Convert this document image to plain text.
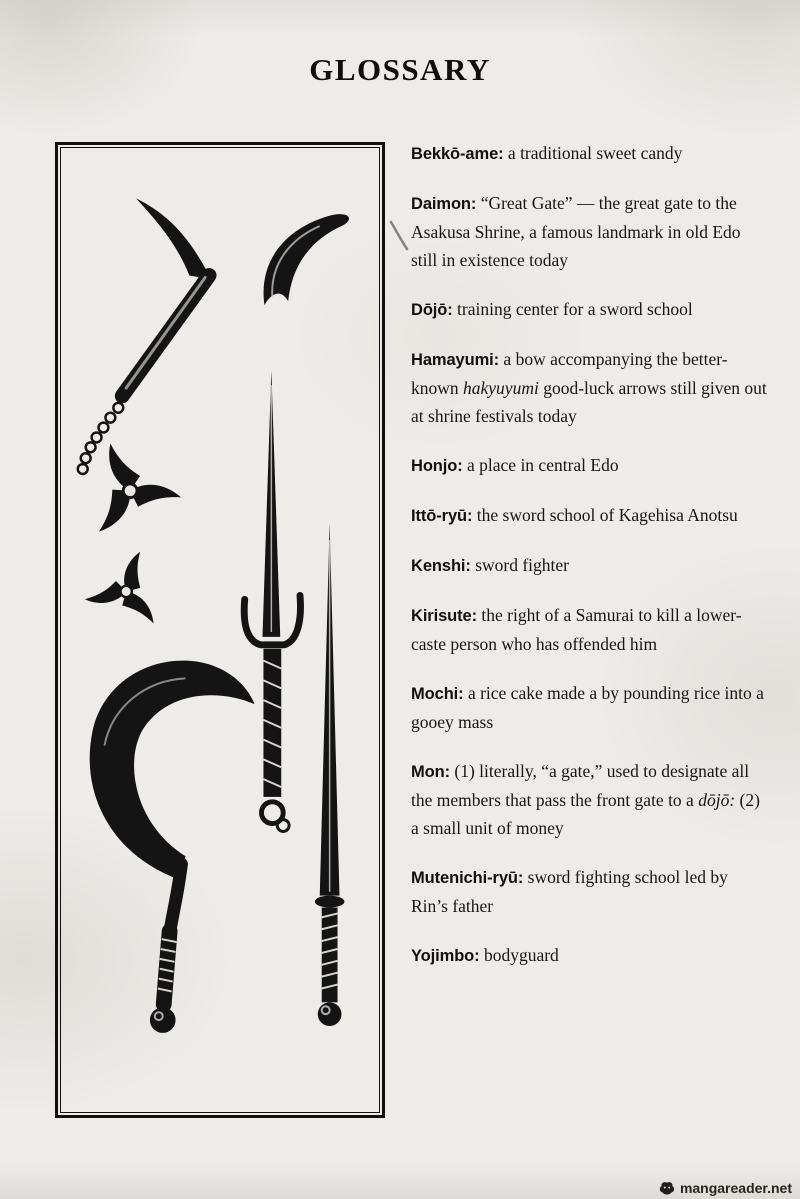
GLOSSARY

Bekkō-ame: a traditional sweet candy

Daimon: “Great Gate” — the great gate to the Asakusa Shrine, a famous landmark in old Edo still in existence today

Dōjō: training center for a sword school

Hamayumi: a bow accompanying the better-known hakyuyumi good-luck arrows still given out at shrine festivals today

Honjo: a place in central Edo

Ittō-ryū: the sword school of Kagehisa Anotsu

Kenshi: sword fighter

Kirisute: the right of a Samurai to kill a lower-caste person who has offended him

Mochi: a rice cake made a by pounding rice into a gooey mass

Mon: (1) literally, “a gate,” used to designate all the members that pass the front gate to a dōjō: (2) a small unit of money

Mutenichi-ryū: sword fighting school led by Rin’s father

Yojimbo: bodyguard

mangareader.net
